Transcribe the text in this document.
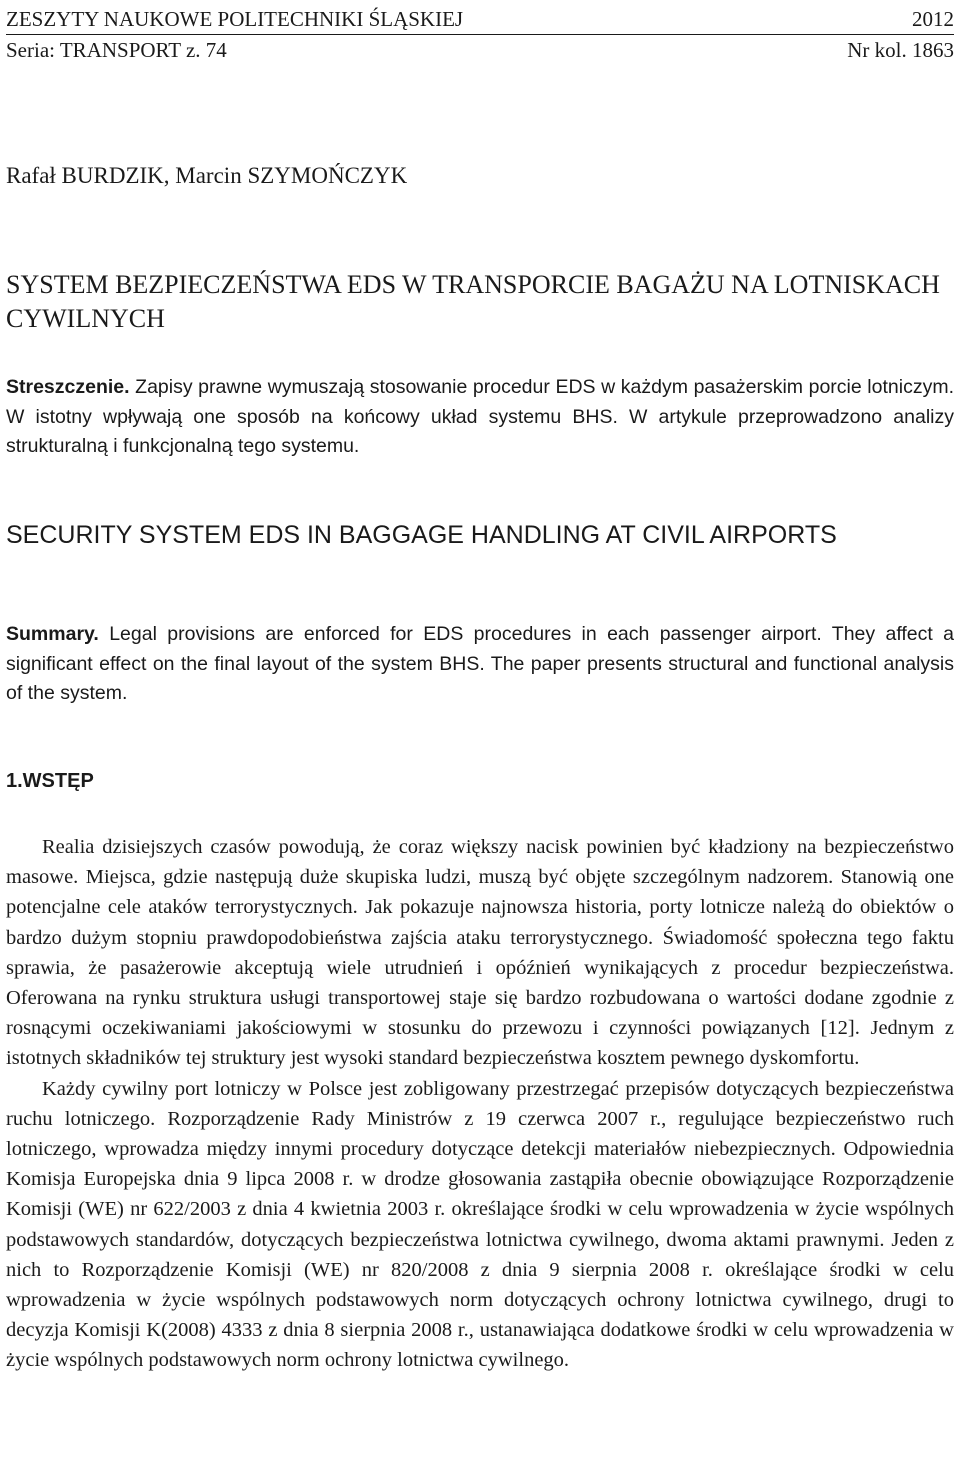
ZESZYTY NAUKOWE POLITECHNIKI ŚLĄSKIEJ	2012
Seria: TRANSPORT z. 74	Nr kol. 1863
Rafał BURDZIK, Marcin SZYMOŃCZYK
SYSTEM BEZPIECZEŃSTWA EDS W TRANSPORCIE BAGAŻU NA LOTNISKACH CYWILNYCH

Streszczenie. Zapisy prawne wymuszają stosowanie procedur EDS w każdym pasażerskim porcie lotniczym. W istotny wpływają one sposób na końcowy układ systemu BHS. W artykule przeprowadzono analizy strukturalną i funkcjonalną tego systemu.

SECURITY SYSTEM EDS IN BAGGAGE HANDLING AT CIVIL AIRPORTS

Summary. Legal provisions are enforced for EDS procedures in each passenger airport. They affect a significant effect on the final layout of the system BHS. The paper presents structural and functional analysis of the system.

1.WSTĘP

Realia dzisiejszych czasów powodują, że coraz większy nacisk powinien być kładziony na bezpieczeństwo masowe. Miejsca, gdzie następują duże skupiska ludzi, muszą być objęte szczególnym nadzorem. Stanowią one potencjalne cele ataków terrorystycznych. Jak pokazuje najnowsza historia, porty lotnicze należą do obiektów o bardzo dużym stopniu prawdopodobieństwa zajścia ataku terrorystycznego. Świadomość społeczna tego faktu sprawia, że pasażerowie akceptują wiele utrudnień i opóźnień wynikających z procedur bezpieczeństwa. Oferowana na rynku struktura usługi transportowej staje się bardzo rozbudowana o wartości dodane zgodnie z rosnącymi oczekiwaniami jakościowymi w stosunku do przewozu i czynności powiązanych [12]. Jednym z istotnych składników tej struktury jest wysoki standard bezpieczeństwa kosztem pewnego dyskomfortu.

Każdy cywilny port lotniczy w Polsce jest zobligowany przestrzegać przepisów dotyczących bezpieczeństwa ruchu lotniczego. Rozporządzenie Rady Ministrów z 19 czerwca 2007 r., regulujące bezpieczeństwo ruch lotniczego, wprowadza między innymi procedury dotyczące detekcji materiałów niebezpiecznych. Odpowiednia Komisja Europejska dnia 9 lipca 2008 r. w drodze głosowania zastąpiła obecnie obowiązujące Rozporządzenie Komisji (WE) nr 622/2003 z dnia 4 kwietnia 2003 r. określające środki w celu wprowadzenia w życie wspólnych podstawowych standardów, dotyczących bezpieczeństwa lotnictwa cywilnego, dwoma aktami prawnymi. Jeden z nich to Rozporządzenie Komisji (WE) nr 820/2008 z dnia 9 sierpnia 2008 r. określające środki w celu wprowadzenia w życie wspólnych podstawowych norm dotyczących ochrony lotnictwa cywilnego, drugi to decyzja Komisji K(2008) 4333 z dnia 8 sierpnia 2008 r., ustanawiająca dodatkowe środki w celu wprowadzenia w życie wspólnych podstawowych norm ochrony lotnictwa cywilnego.
